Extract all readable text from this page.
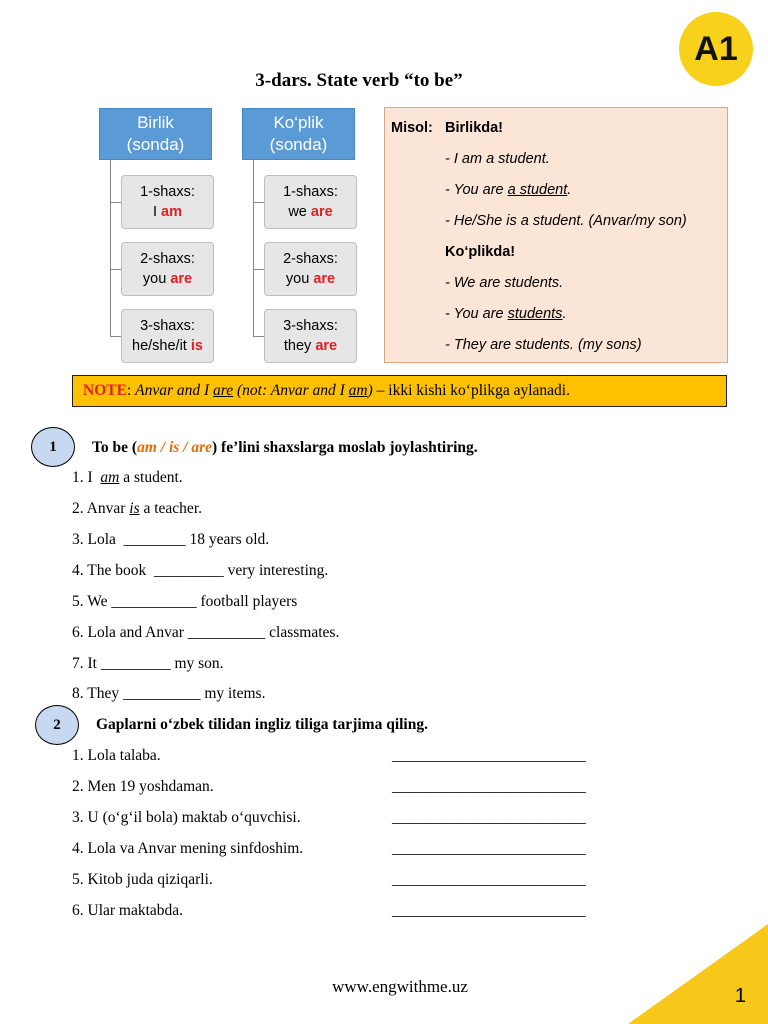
A1
3-dars. State verb “to be”
Birlik
(sonda)
1-shaxs:
I am
2-shaxs:
you are
3-shaxs:
he/she/it is
Ko‘plik
(sonda)
1-shaxs:
we are
2-shaxs:
you are
3-shaxs:
they are
Misol: Birlikda!
- I am a student.
- You are a student.
- He/She is a student. (Anvar/my son)
Ko‘plikda!
- We are students.
- You are students.
- They are students. (my sons)
NOTE: Anvar and I are (not: Anvar and I am) – ikki kishi ko‘plikga aylanadi.
1 To be (am / is / are) fe’lini shaxslarga moslab joylashtiring.
1. I  am a student.
2. Anvar is a teacher.
3. Lola  ________ 18 years old.
4. The book  _________ very interesting.
5. We ___________ football players
6. Lola and Anvar __________ classmates.
7. It _________ my son.
8. They __________ my items.
2 Gaplarni o‘zbek tilidan ingliz tiliga tarjima qiling.
1. Lola talaba.	_________________________
2. Men 19 yoshdaman.	_________________________
3. U (o‘g‘il bola) maktab o‘quvchisi.	_________________________
4. Lola va Anvar mening sinfdoshim.	_________________________
5. Kitob juda qiziqarli.	_________________________
6. Ular maktabda.	_________________________
www.engwithme.uz	1
